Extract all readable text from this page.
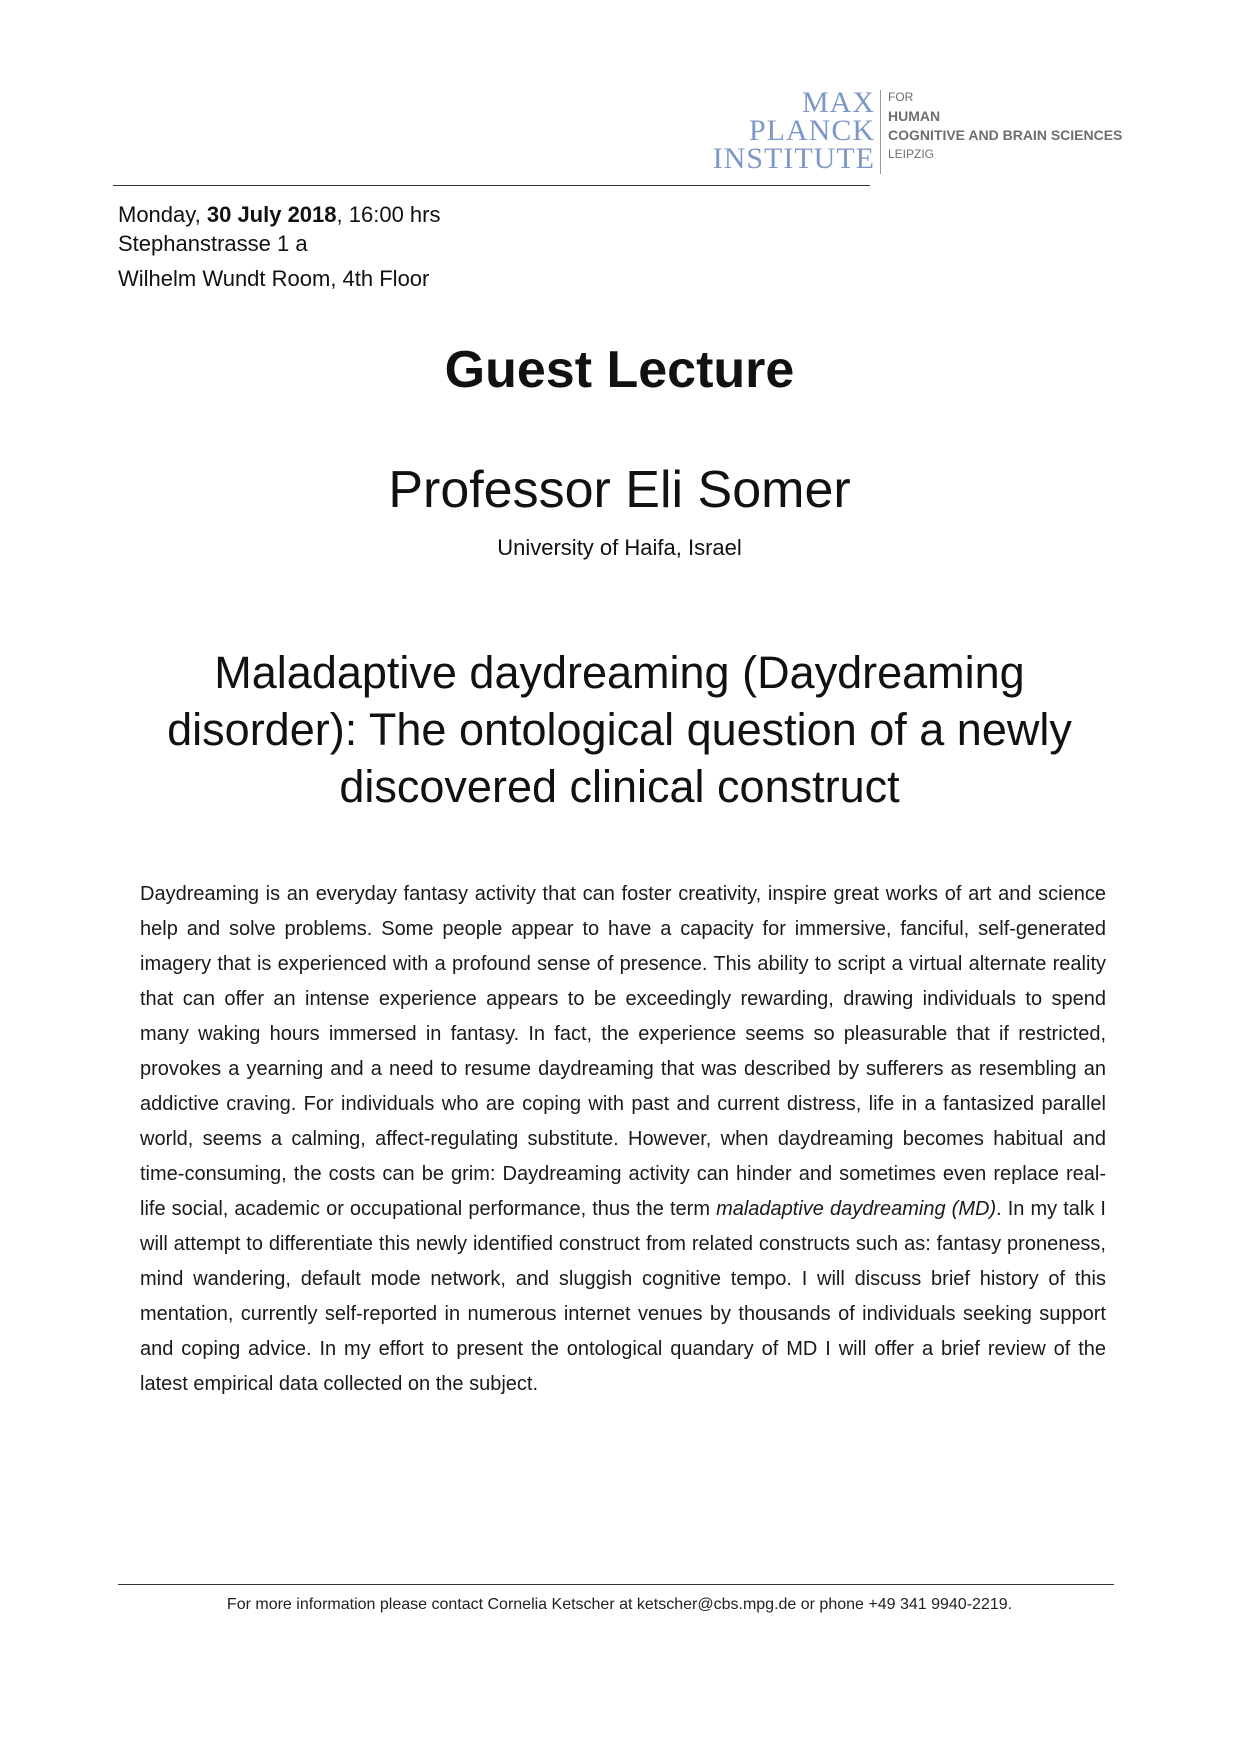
MAX
PLANCK
INSTITUTE
FOR
HUMAN
COGNITIVE AND BRAIN SCIENCES
LEIPZIG
Monday, 30 July 2018, 16:00 hrs
Stephanstrasse 1 a
Wilhelm Wundt Room, 4th Floor
Guest Lecture
Professor Eli Somer
University of Haifa, Israel
Maladaptive daydreaming (Daydreaming disorder): The ontological question of a newly discovered clinical construct
Daydreaming is an everyday fantasy activity that can foster creativity, inspire great works of art and science help and solve problems. Some people appear to have a capacity for immersive, fanciful, self-generated imagery that is experienced with a profound sense of presence. This ability to script a virtual alternate reality that can offer an intense experience appears to be exceedingly rewarding, drawing individuals to spend many waking hours immersed in fantasy. In fact, the experience seems so pleasurable that if restricted, provokes a yearning and a need to resume daydreaming that was described by sufferers as resembling an addictive craving. For individuals who are coping with past and current distress, life in a fantasized parallel world, seems a calming, affect-regulating substitute. However, when daydreaming becomes habitual and time-consuming, the costs can be grim: Daydreaming activity can hinder and sometimes even replace real-life social, academic or occupational performance, thus the term maladaptive daydreaming (MD). In my talk I will attempt to differentiate this newly identified construct from related constructs such as: fantasy proneness, mind wandering, default mode network, and sluggish cognitive tempo. I will discuss brief history of this mentation, currently self-reported in numerous internet venues by thousands of individuals seeking support and coping advice. In my effort to present the ontological quandary of MD I will offer a brief review of the latest empirical data collected on the subject.
For more information please contact Cornelia Ketscher at ketscher@cbs.mpg.de or phone +49 341 9940-2219.
